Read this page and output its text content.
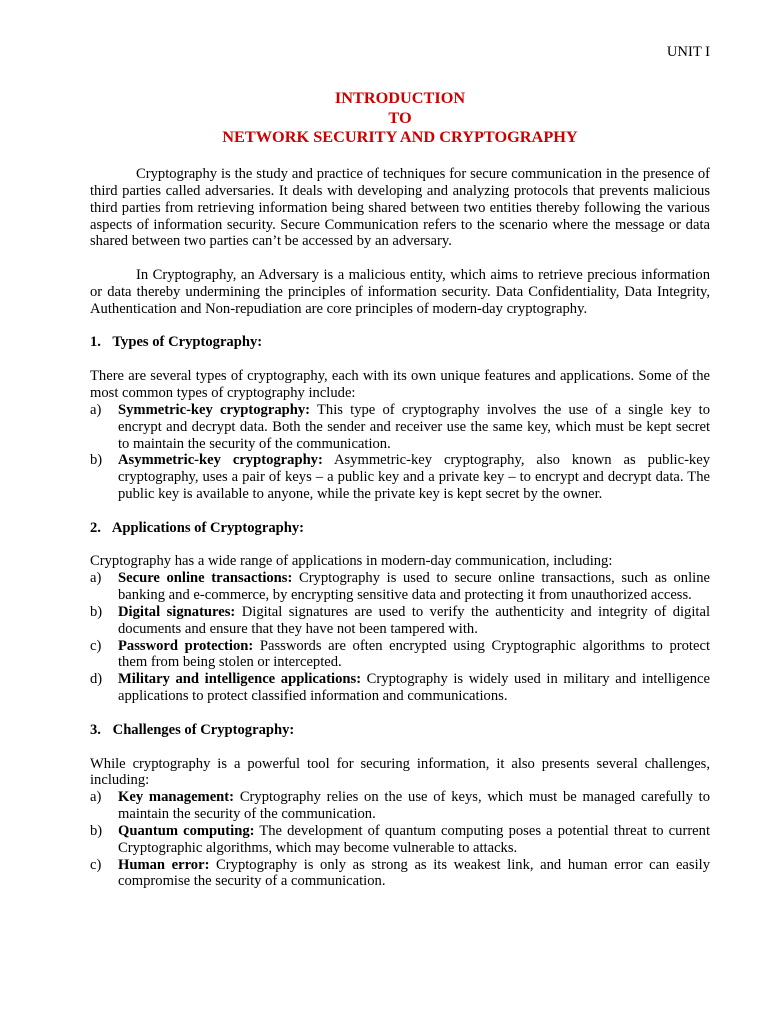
UNIT I
INTRODUCTION
TO
NETWORK SECURITY AND CRYPTOGRAPHY

Cryptography is the study and practice of techniques for secure communication in the presence of third parties called adversaries. It deals with developing and analyzing protocols that prevents malicious third parties from retrieving information being shared between two entities thereby following the various aspects of information security. Secure Communication refers to the scenario where the message or data shared between two parties can’t be accessed by an adversary.

In Cryptography, an Adversary is a malicious entity, which aims to retrieve precious information or data thereby undermining the principles of information security. Data Confidentiality, Data Integrity, Authentication and Non-repudiation are core principles of modern-day cryptography.

1. Types of Cryptography:

There are several types of cryptography, each with its own unique features and applications. Some of the most common types of cryptography include:

a) Symmetric-key cryptography: This type of cryptography involves the use of a single key to encrypt and decrypt data. Both the sender and receiver use the same key, which must be kept secret to maintain the security of the communication.
b) Asymmetric-key cryptography: Asymmetric-key cryptography, also known as public-key cryptography, uses a pair of keys – a public key and a private key – to encrypt and decrypt data. The public key is available to anyone, while the private key is kept secret by the owner.
2. Applications of Cryptography:

Cryptography has a wide range of applications in modern-day communication, including:

a) Secure online transactions: Cryptography is used to secure online transactions, such as online banking and e-commerce, by encrypting sensitive data and protecting it from unauthorized access.
b) Digital signatures: Digital signatures are used to verify the authenticity and integrity of digital documents and ensure that they have not been tampered with.
c) Password protection: Passwords are often encrypted using Cryptographic algorithms to protect them from being stolen or intercepted.
d) Military and intelligence applications: Cryptography is widely used in military and intelligence applications to protect classified information and communications.
3. Challenges of Cryptography:

While cryptography is a powerful tool for securing information, it also presents several challenges, including:

a) Key management: Cryptography relies on the use of keys, which must be managed carefully to maintain the security of the communication.
b) Quantum computing: The development of quantum computing poses a potential threat to current Cryptographic algorithms, which may become vulnerable to attacks.
c) Human error: Cryptography is only as strong as its weakest link, and human error can easily compromise the security of a communication.
